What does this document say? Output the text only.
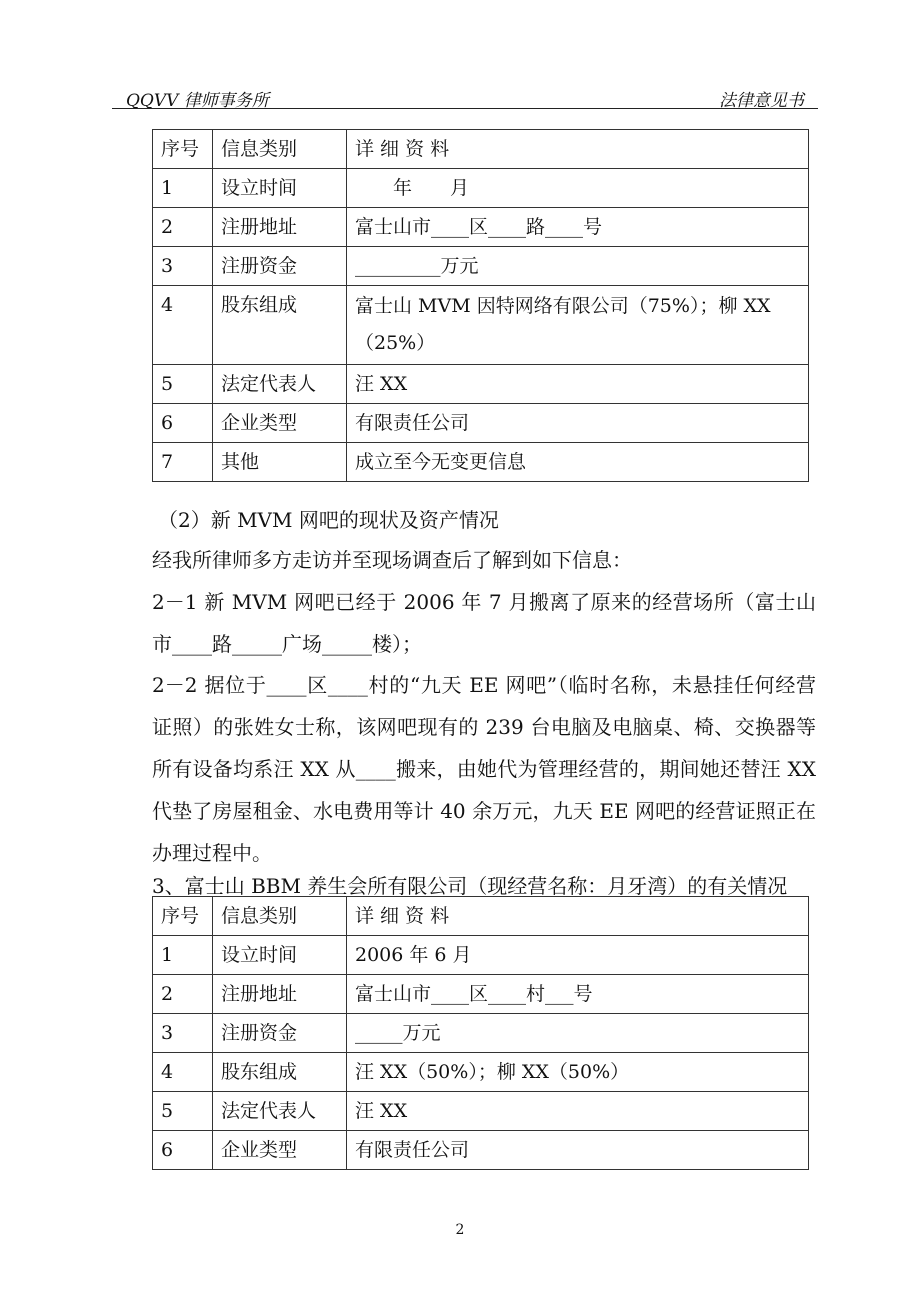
QQVV 律师事务所	法律意见书
序号	信息类别	详 细 资 料
1	设立时间	　　年　　月
2	注册地址	富士山市____区____路____号
3	注册资金	_________万元
4	股东组成	富士山 MVM 因特网络有限公司（75%）；柳 XX（25%）
5	法定代表人	汪 XX
6	企业类型	有限责任公司
7	其他	成立至今无变更信息
（2）新 MVM 网吧的现状及资产情况
经我所律师多方走访并至现场调查后了解到如下信息：
2－1 新 MVM 网吧已经于 2006 年 7 月搬离了原来的经营场所（富士山市____路_____广场_____楼）；
2－2 据位于____区____村的“九天 EE 网吧”（临时名称，未悬挂任何经营证照）的张姓女士称，该网吧现有的 239 台电脑及电脑桌、椅、交换器等所有设备均系汪 XX 从____搬来，由她代为管理经营的，期间她还替汪 XX 代垫了房屋租金、水电费用等计 40 余万元，九天 EE 网吧的经营证照正在办理过程中。
3、富士山 BBM 养生会所有限公司（现经营名称：月牙湾）的有关情况
序号	信息类别	详 细 资 料
1	设立时间	2006 年 6 月
2	注册地址	富士山市____区____村___号
3	注册资金	_____万元
4	股东组成	汪 XX（50%）；柳 XX（50%）
5	法定代表人	汪 XX
6	企业类型	有限责任公司
2
